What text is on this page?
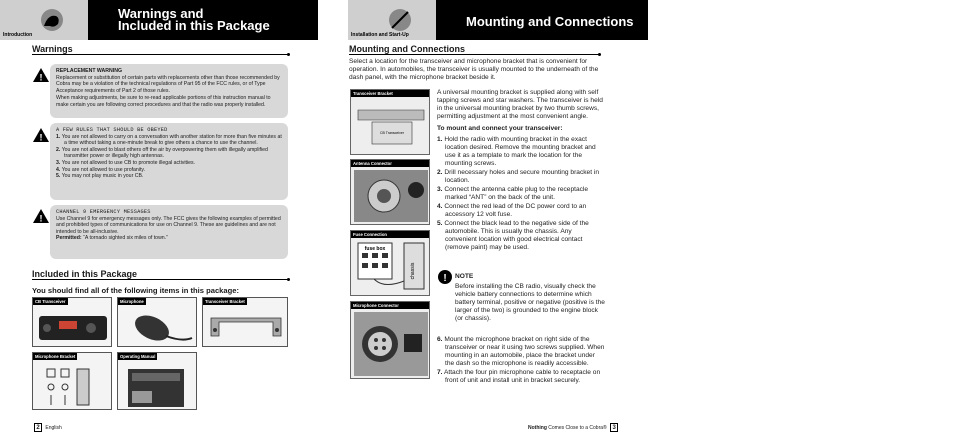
Introduction
Warnings and
Included in this Package
Warnings
!
REPLACEMENT WARNING
Replacement or substitution of certain parts with replacements other than those recommended by Cobra may be a violation of the technical regulations of Part 95 of the FCC rules, or of Type Acceptance requirements of Part 2 of those rules.
When making adjustments, be sure to re-read applicable portions of this instruction manual to make certain you are following correct procedures and that the radio was properly installed.
!
A FEW RULES THAT SHOULD BE OBEYED
1. You are not allowed to carry on a conversation with another station for more than five minutes at a time without taking a one-minute break to give others a chance to use the channel.
2. You are not allowed to blast others off the air by overpowering them with illegally amplified transmitter power or illegally high antennas.
3. You are not allowed to use CB to promote illegal activities.
4. You are not allowed to use profanity.
5. You may not play music in your CB.
!
CHANNEL 9 EMERGENCY MESSAGES
Use Channel 9 for emergency messages only. The FCC gives the following examples of permitted and prohibited types of communications for use on Channel 9. These are guidelines and are not intended to be all-inclusive.
Permitted: “A tornado sighted six miles of town.”
Included in this Package
You should find all of the following items in this package:
CB Transceiver	Microphone	Transceiver Bracket
Microphone Bracket	Operating Manual
2 English
Installation and Start-Up
Mounting and Connections
Mounting and Connections
Select a location for the transceiver and microphone bracket that is convenient for operation. In automobiles, the transceiver is usually mounted to the underneath of the dash panel, with the microphone bracket beside it.
Transceiver Bracket
CB Transceiver
Antenna Connector
Fuse Connection
fuse box
chassis
Microphone Connector
A universal mounting bracket is supplied along with self tapping screws and star washers. The transceiver is held in the universal mounting bracket by two thumb screws, permitting adjustment at the most convenient angle.
To mount and connect your transceiver:
1. Hold the radio with mounting bracket in the exact location desired. Remove the mounting bracket and use it as a template to mark the location for the mounting screws.
2. Drill necessary holes and secure mounting bracket in location.
3. Connect the antenna cable plug to the receptacle marked “ANT” on the back of the unit.
4. Connect the red lead of the DC power cord to an accessory 12 volt fuse.
5. Connect the black lead to the negative side of the automobile. This is usually the chassis. Any convenient location with good electrical contact (remove paint) may be used.
! NOTE
Before installing the CB radio, visually check the vehicle battery connections to determine which battery terminal, positive or negative (positive is the larger of the two) is grounded to the engine block (or chassis).
6. Mount the microphone bracket on right side of the transceiver or near it using two screws supplied. When mounting in an automobile, place the bracket under the dash so the microphone is readily accessible.
7. Attach the four pin microphone cable to receptacle on front of unit and install unit in bracket securely.
Nothing Comes Close to a Cobra® 3
